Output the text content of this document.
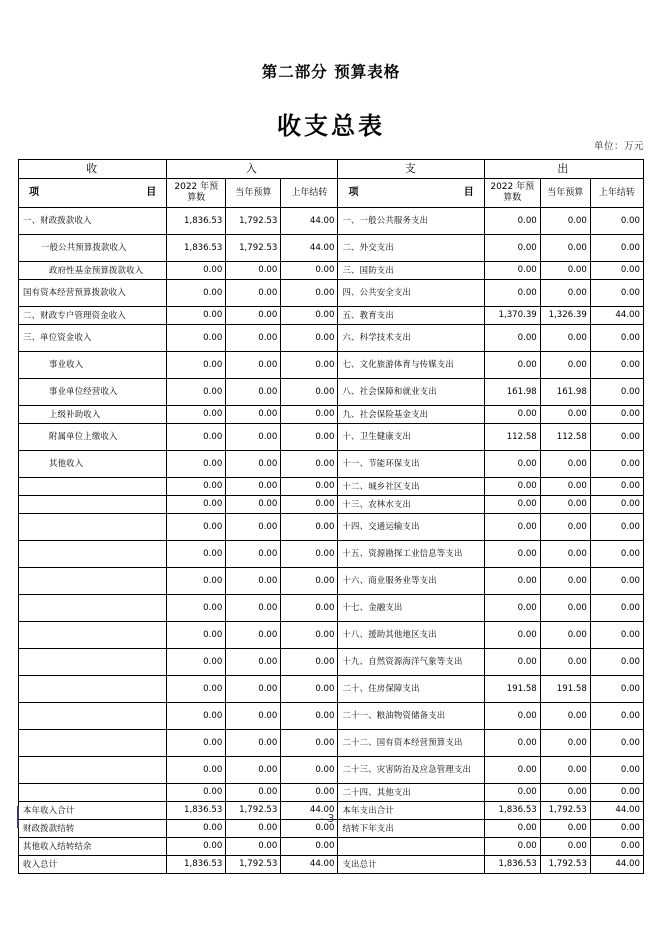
第二部分 预算表格
收支总表
单位：万元
收	入			支	出		

项 目	2022 年预算数	当年预算	上年结转	项 目	2022 年预算数	当年预算	上年结转
一、财政拨款收入	1,836.53	1,792.53	44.00	一、一般公共服务支出	0.00	0.00	0.00
一般公共预算拨款收入	1,836.53	1,792.53	44.00	二、外交支出	0.00	0.00	0.00
政府性基金预算拨款收入	0.00	0.00	0.00	三、国防支出	0.00	0.00	0.00
国有资本经营预算拨款收入	0.00	0.00	0.00	四、公共安全支出	0.00	0.00	0.00
二、财政专户管理资金收入	0.00	0.00	0.00	五、教育支出	1,370.39	1,326.39	44.00
三、单位资金收入	0.00	0.00	0.00	六、科学技术支出	0.00	0.00	0.00
事业收入	0.00	0.00	0.00	七、文化旅游体育与传媒支出	0.00	0.00	0.00
事业单位经营收入	0.00	0.00	0.00	八、社会保障和就业支出	161.98	161.98	0.00
上级补助收入	0.00	0.00	0.00	九、社会保险基金支出	0.00	0.00	0.00
附属单位上缴收入	0.00	0.00	0.00	十、卫生健康支出	112.58	112.58	0.00
其他收入	0.00	0.00	0.00	十一、节能环保支出	0.00	0.00	0.00
	0.00	0.00	0.00	十二、城乡社区支出	0.00	0.00	0.00
	0.00	0.00	0.00	十三、农林水支出	0.00	0.00	0.00
	0.00	0.00	0.00	十四、交通运输支出	0.00	0.00	0.00
	0.00	0.00	0.00	十五、资源勘探工业信息等支出	0.00	0.00	0.00
	0.00	0.00	0.00	十六、商业服务业等支出	0.00	0.00	0.00
	0.00	0.00	0.00	十七、金融支出	0.00	0.00	0.00
	0.00	0.00	0.00	十八、援助其他地区支出	0.00	0.00	0.00
	0.00	0.00	0.00	十九、自然资源海洋气象等支出	0.00	0.00	0.00
	0.00	0.00	0.00	二十、住房保障支出	191.58	191.58	0.00
	0.00	0.00	0.00	二十一、粮油物资储备支出	0.00	0.00	0.00
	0.00	0.00	0.00	二十二、国有资本经营预算支出	0.00	0.00	0.00
	0.00	0.00	0.00	二十三、灾害防治及应急管理支出	0.00	0.00	0.00
	0.00	0.00	0.00	二十四、其他支出	0.00	0.00	0.00
本年收入合计	1,836.53	1,792.53	44.00	本年支出合计	1,836.53	1,792.53	44.00
财政拨款结转	0.00	0.00	0.00	结转下年支出	0.00	0.00	0.00
其他收入结转结余	0.00	0.00	0.00		0.00	0.00	0.00
收入总计	1,836.53	1,792.53	44.00	支出总计	1,836.53	1,792.53	44.00
- 3 -
